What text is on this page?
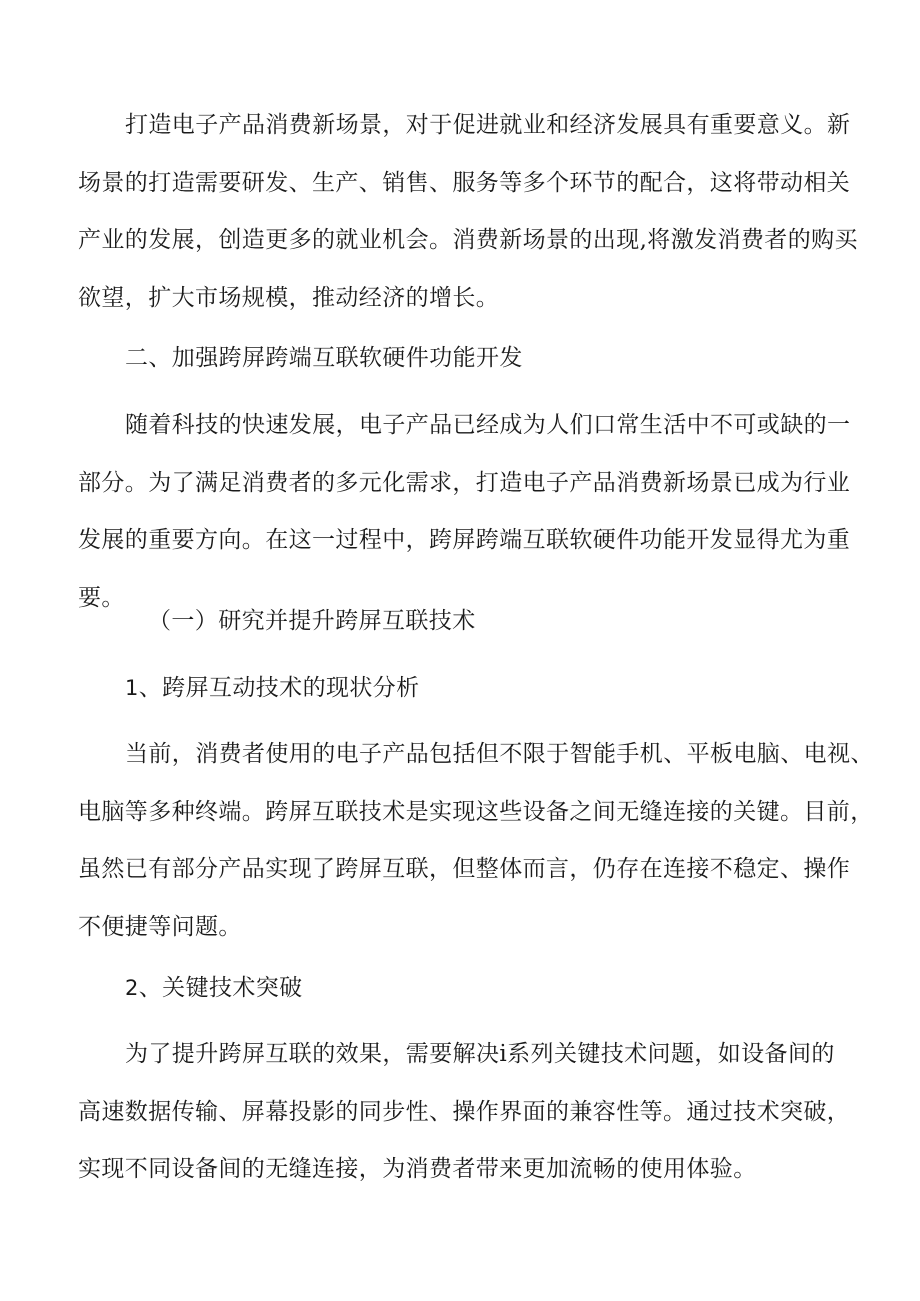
打造电子产品消费新场景，对于促进就业和经济发展具有重要意义。新
场景的打造需要研发、生产、销售、服务等多个环节的配合，这将带动相关
产业的发展，创造更多的就业机会。消费新场景的出现,将激发消费者的购买
欲望，扩大市场规模，推动经济的增长。
二、加强跨屏跨端互联软硬件功能开发
随着科技的快速发展，电子产品已经成为人们口常生活中不可或缺的一
部分。为了满足消费者的多元化需求，打造电子产品消费新场景已成为行业
发展的重要方向。在这一过程中，跨屏跨端互联软硬件功能开发显得尤为重
要。
（一）研究并提升跨屏互联技术
1、跨屏互动技术的现状分析
当前，消费者使用的电子产品包括但不限于智能手机、平板电脑、电视、
电脑等多种终端。跨屏互联技术是实现这些设备之间无缝连接的关键。目前，
虽然已有部分产品实现了跨屏互联，但整体而言，仍存在连接不稳定、操作
不便捷等问题。
2、关键技术突破
为了提升跨屏互联的效果，需要解决i系列关键技术问题，如设备间的
高速数据传输、屏幕投影的同步性、操作界面的兼容性等。通过技术突破，
实现不同设备间的无缝连接，为消费者带来更加流畅的使用体验。
